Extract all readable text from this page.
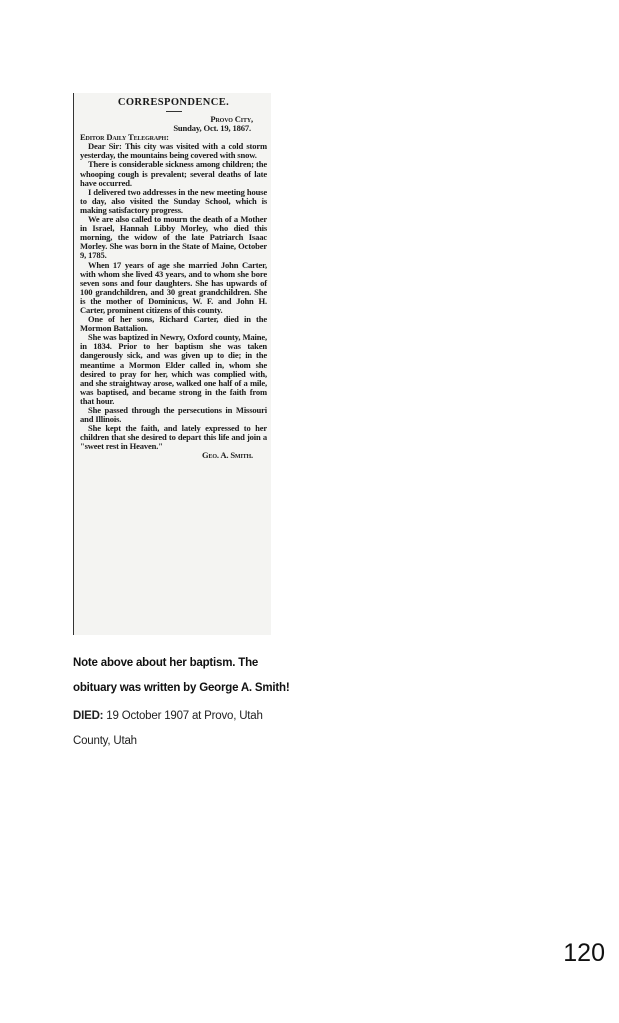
CORRESPONDENCE.
Provo City,
Sunday, Oct. 19, 1867.
Editor Daily Telegraph:

Dear Sir: This city was visited with a cold storm yesterday, the mountains being covered with snow.

There is considerable sickness among children; the whooping cough is prevalent; several deaths of late have occurred.

I delivered two addresses in the new meeting house to day, also visited the Sunday School, which is making satisfactory progress.

We are also called to mourn the death of a Mother in Israel, Hannah Libby Morley, who died this morning, the widow of the late Patriarch Isaac Morley. She was born in the State of Maine, October 9, 1785.

When 17 years of age she married John Carter, with whom she lived 43 years, and to whom she bore seven sons and four daughters. She has upwards of 100 grandchildren, and 30 great grandchildren. She is the mother of Dominicus, W. F. and John H. Carter, prominent citizens of this county.

One of her sons, Richard Carter, died in the Mormon Battalion.

She was baptized in Newry, Oxford county, Maine, in 1834. Prior to her baptism she was taken dangerously sick, and was given up to die; in the meantime a Mormon Elder called in, whom she desired to pray for her, which was complied with, and she straightway arose, walked one half of a mile, was baptised, and became strong in the faith from that hour.

She passed through the persecutions in Missouri and Illinois.

She kept the faith, and lately expressed to her children that she desired to depart this life and join a "sweet rest in Heaven."

Geo. A. Smith.
Note above about her baptism. The
obituary was written by George A. Smith!
DIED: 19 October 1907 at Provo, Utah
County, Utah
120
